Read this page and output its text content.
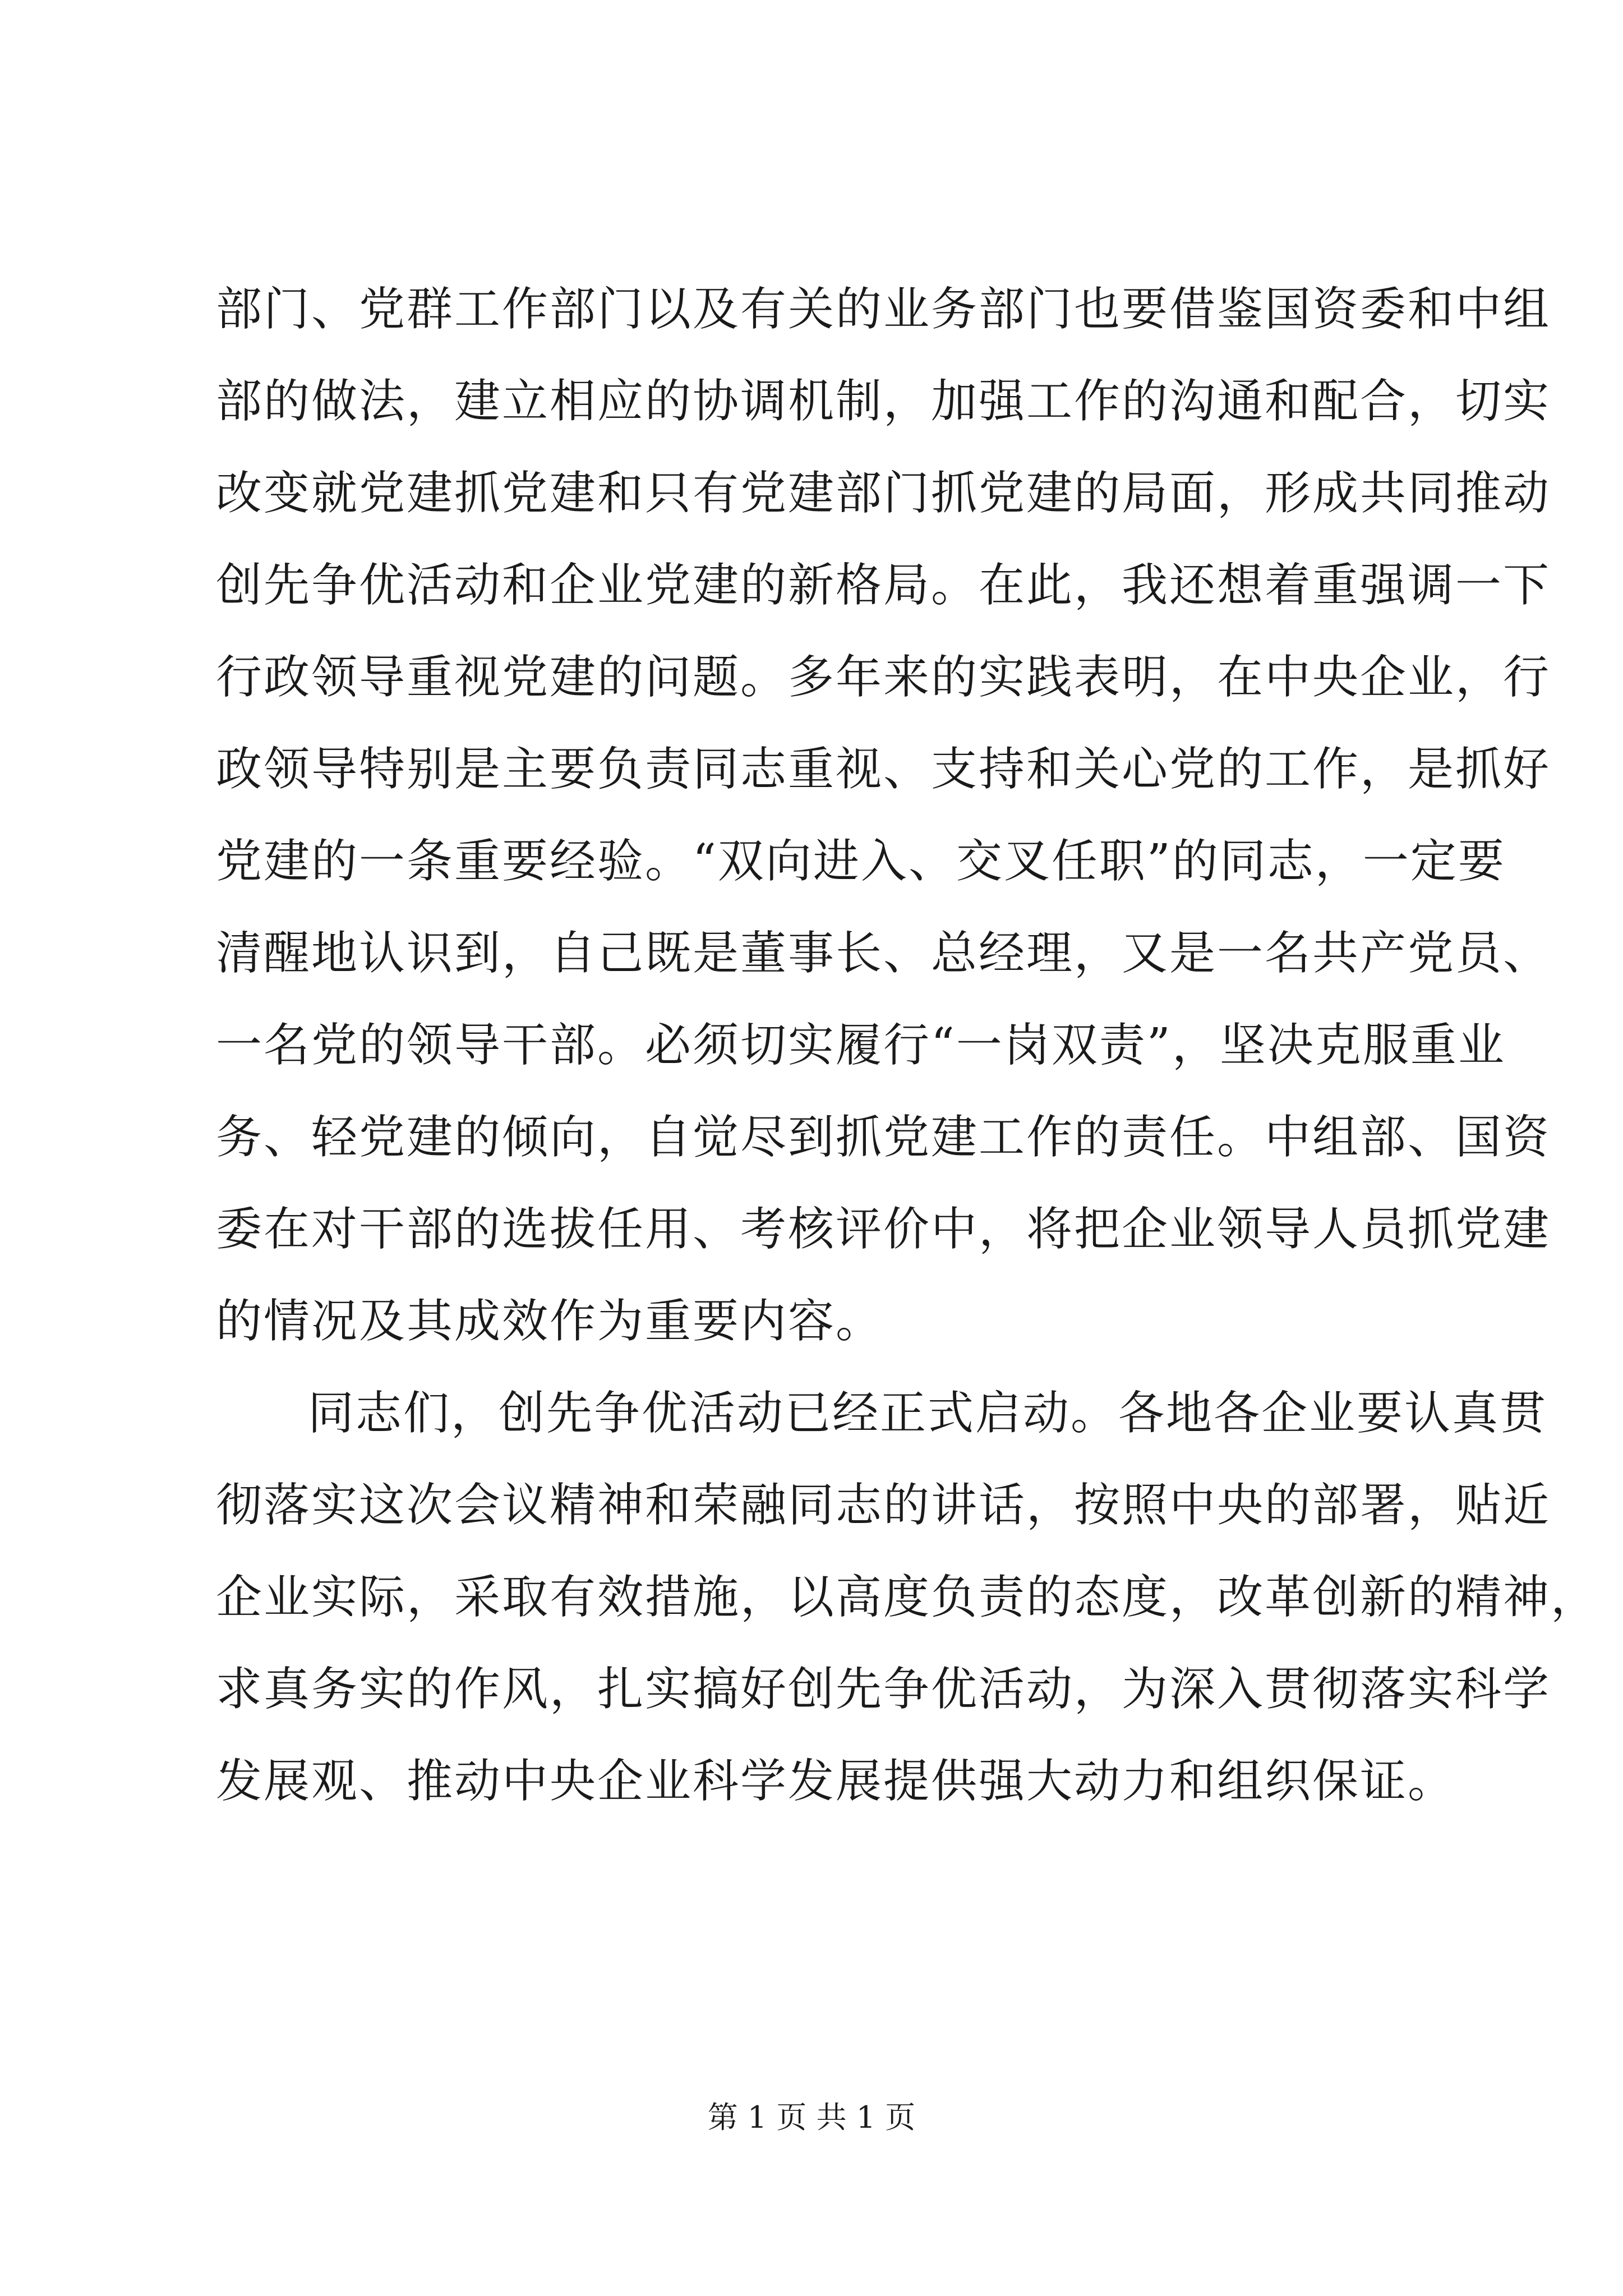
部门、党群工作部门以及有关的业务部门也要借鉴国资委和中组
部的做法，建立相应的协调机制，加强工作的沟通和配合，切实
改变就党建抓党建和只有党建部门抓党建的局面，形成共同推动
创先争优活动和企业党建的新格局。在此，我还想着重强调一下
行政领导重视党建的问题。多年来的实践表明，在中央企业，行
政领导特别是主要负责同志重视、支持和关心党的工作，是抓好
党建的一条重要经验。“双向进入、交叉任职”的同志，一定要
清醒地认识到，自己既是董事长、总经理，又是一名共产党员、
一名党的领导干部。必须切实履行“一岗双责”，坚决克服重业
务、轻党建的倾向，自觉尽到抓党建工作的责任。中组部、国资
委在对干部的选拔任用、考核评价中，将把企业领导人员抓党建
的情况及其成效作为重要内容。
同志们，创先争优活动已经正式启动。各地各企业要认真贯
彻落实这次会议精神和荣融同志的讲话，按照中央的部署，贴近
企业实际，采取有效措施，以高度负责的态度，改革创新的精神，
求真务实的作风，扎实搞好创先争优活动，为深入贯彻落实科学
发展观、推动中央企业科学发展提供强大动力和组织保证。
第 1 页 共 1 页
